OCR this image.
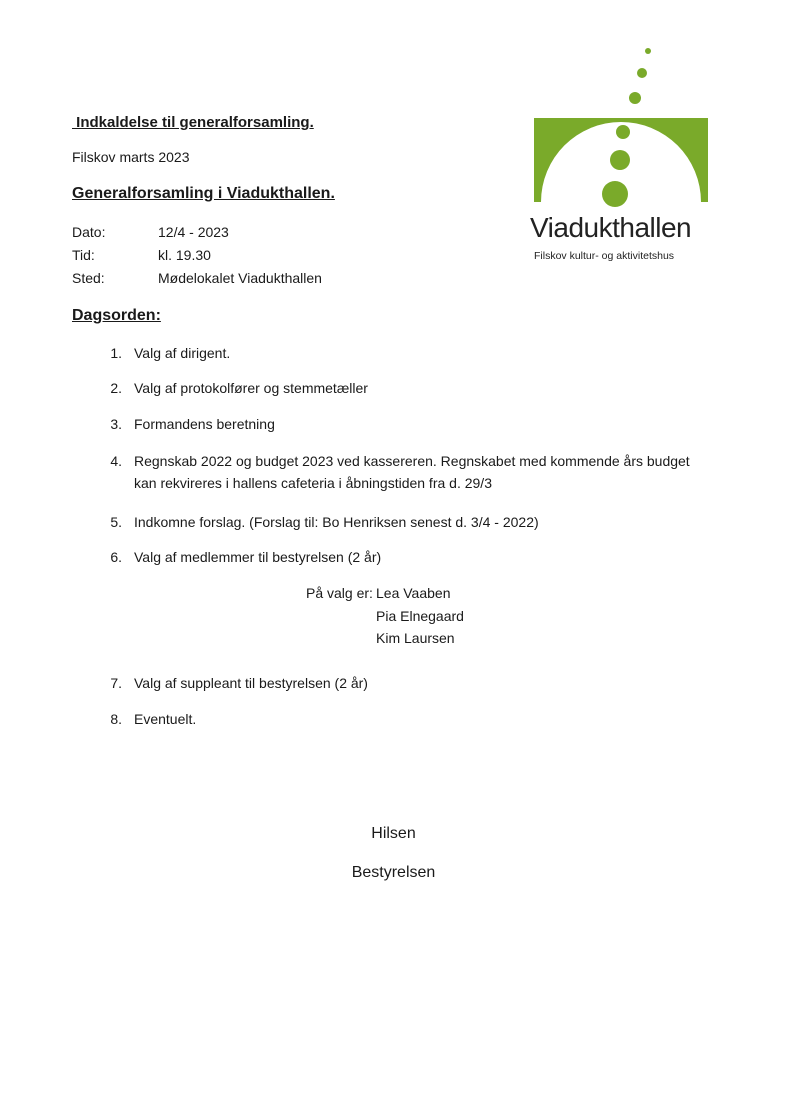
Viadukthallen
Filskov kultur- og aktivitetshus
Indkaldelse til generalforsamling.
Filskov marts 2023
Generalforsamling i Viadukthallen.
Dato:	12/4 - 2023
Tid:	kl. 19.30
Sted:	Mødelokalet Viadukthallen
Dagsorden:
1. Valg af dirigent.
2. Valg af protokolfører og stemmetæller
3. Formandens beretning
4. Regnskab 2022 og budget 2023 ved kassereren. Regnskabet med kommende års budget
kan rekvireres i hallens cafeteria i åbningstiden fra d. 29/3
5. Indkomne forslag. (Forslag til: Bo Henriksen senest d. 3/4 - 2022)
6. Valg af medlemmer til bestyrelsen (2 år)
På valg er: Lea Vaaben
Pia Elnegaard
Kim Laursen
7. Valg af suppleant til bestyrelsen (2 år)
8. Eventuelt.
Hilsen
Bestyrelsen
